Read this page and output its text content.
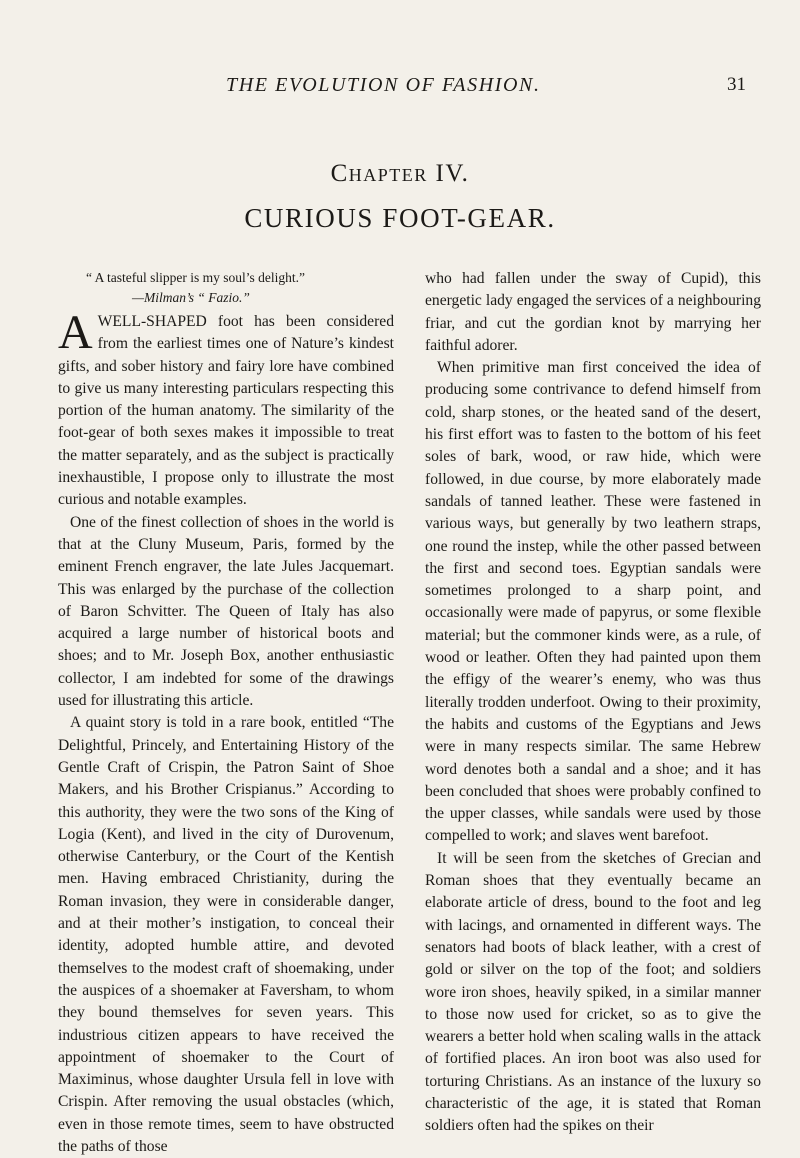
THE EVOLUTION OF FASHION.	31
Chapter IV.
CURIOUS FOOT-GEAR.
“ A tasteful slipper is my soul’s delight.”
—Milman’s “ Fazio.”

AWELL-SHAPED foot has been considered from the earliest times one of Nature’s kindest gifts, and sober history and fairy lore have combined to give us many interesting particulars respecting this portion of the human anatomy. The similarity of the foot-gear of both sexes makes it impossible to treat the matter separately, and as the subject is practically inexhaustible, I propose only to illustrate the most curious and notable examples.

One of the finest collection of shoes in the world is that at the Cluny Museum, Paris, formed by the eminent French engraver, the late Jules Jacquemart. This was enlarged by the purchase of the collection of Baron Schvitter. The Queen of Italy has also acquired a large number of historical boots and shoes; and to Mr. Joseph Box, another enthusiastic collector, I am indebted for some of the drawings used for illustrating this article.

A quaint story is told in a rare book, entitled “The Delightful, Princely, and Entertaining History of the Gentle Craft of Crispin, the Patron Saint of Shoe Makers, and his Brother Crispianus.” According to this authority, they were the two sons of the King of Logia (Kent), and lived in the city of Durovenum, otherwise Canterbury, or the Court of the Kentish men. Having embraced Christianity, during the Roman invasion, they were in considerable danger, and at their mother’s instigation, to conceal their identity, adopted humble attire, and devoted themselves to the modest craft of shoemaking, under the auspices of a shoemaker at Faversham, to whom they bound themselves for seven years. This industrious citizen appears to have received the appointment of shoemaker to the Court of Maximinus, whose daughter Ursula fell in love with Crispin. After removing the usual obstacles (which, even in those remote times, seem to have obstructed the paths of those

who had fallen under the sway of Cupid), this energetic lady engaged the services of a neighbouring friar, and cut the gordian knot by marrying her faithful adorer.

When primitive man first conceived the idea of producing some contrivance to defend himself from cold, sharp stones, or the heated sand of the desert, his first effort was to fasten to the bottom of his feet soles of bark, wood, or raw hide, which were followed, in due course, by more elaborately made sandals of tanned leather. These were fastened in various ways, but generally by two leathern straps, one round the instep, while the other passed between the first and second toes. Egyptian sandals were sometimes prolonged to a sharp point, and occasionally were made of papyrus, or some flexible material; but the commoner kinds were, as a rule, of wood or leather. Often they had painted upon them the effigy of the wearer’s enemy, who was thus literally trodden underfoot. Owing to their proximity, the habits and customs of the Egyptians and Jews were in many respects similar. The same Hebrew word denotes both a sandal and a shoe; and it has been concluded that shoes were probably confined to the upper classes, while sandals were used by those compelled to work; and slaves went barefoot.

It will be seen from the sketches of Grecian and Roman shoes that they eventually became an elaborate article of dress, bound to the foot and leg with lacings, and ornamented in different ways. The senators had boots of black leather, with a crest of gold or silver on the top of the foot; and soldiers wore iron shoes, heavily spiked, in a similar manner to those now used for cricket, so as to give the wearers a better hold when scaling walls in the attack of fortified places. An iron boot was also used for torturing Christians. As an instance of the luxury so characteristic of the age, it is stated that Roman soldiers often had the spikes on their
